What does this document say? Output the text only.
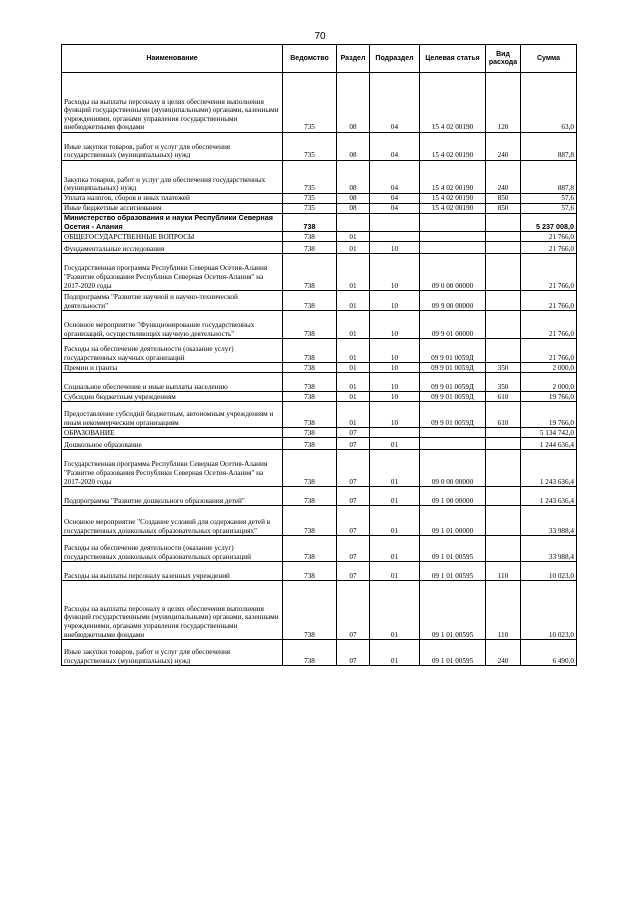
70
Наименование	Ведомство	Раздел	Подраздел	Целевая статья	Вид расхода	Сумма
Расходы на выплаты персоналу в целях обеспечения выполнения функций государственными (муниципальными) органами, казенными учреждениями, органами управления государственными внебюджетными фондами	735	08	04	15 4 02 00190	120	63,0
Иные закупки товаров, работ и услуг для обеспечения государственных (муниципальных) нужд	735	08	04	15 4 02 00190	240	887,8
Закупка товаров, работ и услуг для обеспечения государственных (муниципальных) нужд	735	08	04	15 4 02 00190	240	887,8
Уплата налогов, сборов и иных платежей	735	08	04	15 4 02 00190	850	57,6
Иные бюджетные ассигнования	735	08	04	15 4 02 00190	850	57,6
Министерство образования и науки Республики Северная Осетия - Алания	738					5 237 008,0
ОБЩЕГОСУДАРСТВЕННЫЕ ВОПРОСЫ	738	01				21 766,0
Фундаментальные исследования	738	01	10			21 766,0
Государственная программа Республики Северная Осетия-Алания "Развитие образования Республики Северная Осетия-Алания" на 2017-2020 годы	738	01	10	09 0 00 00000		21 766,0
Подпрограмма "Развитие научной и научно-технической деятельности"	738	01	10	09 9 00 00000		21 766,0
Основное мероприятие "Функционирование государственных организаций, осуществляющих научную деятельность"	738	01	10	09 9 01 00000		21 766,0
Расходы на обеспечение деятельности (оказание услуг) государственных научных организаций	738	01	10	09 9 01 0059Д		21 766,0
Премии и гранты	738	01	10	09 9 01 0059Д	350	2 000,0
Социальное обеспечение и иные выплаты населению	738	01	10	09 9 01 0059Д	350	2 000,0
Субсидии бюджетным учреждениям	738	01	10	09 9 01 0059Д	610	19 766,0
Предоставление субсидий бюджетным, автономным учреждениям и иным некоммерческим организациям	738	01	10	09 9 01 0059Д	610	19 766,0
ОБРАЗОВАНИЕ	738	07				5 134 742,0
Дошкольное образование	738	07	01			1 244 636,4
Государственная программа Республики Северная Осетия-Алания "Развитие образования Республики Северная Осетия-Алания" на 2017-2020 годы	738	07	01	09 0 00 00000		1 243 636,4
Подпрограмма "Развитие дошкольного образования детей"	738	07	01	09 1 00 00000		1 243 636,4
Основное мероприятие "Создание условий для содержания детей в государственных дошкольных образовательных организациях"	738	07	01	09 1 01 00000		33 988,4
Расходы на обеспечение деятельности (оказание услуг) государственных дошкольных образовательных организаций	738	07	01	09 1 01 00595		33 988,4
Расходы на выплаты персоналу казенных учреждений	738	07	01	09 1 01 00595	110	10 023,0
Расходы на выплаты персоналу в целях обеспечения выполнения функций государственными (муниципальными) органами, казенными учреждениями, органами управления государственными внебюджетными фондами	738	07	01	09 1 01 00595	110	10 023,0
Иные закупки товаров, работ и услуг для обеспечения государственных (муниципальных) нужд	738	07	01	09 1 01 00595	240	6 490,0
